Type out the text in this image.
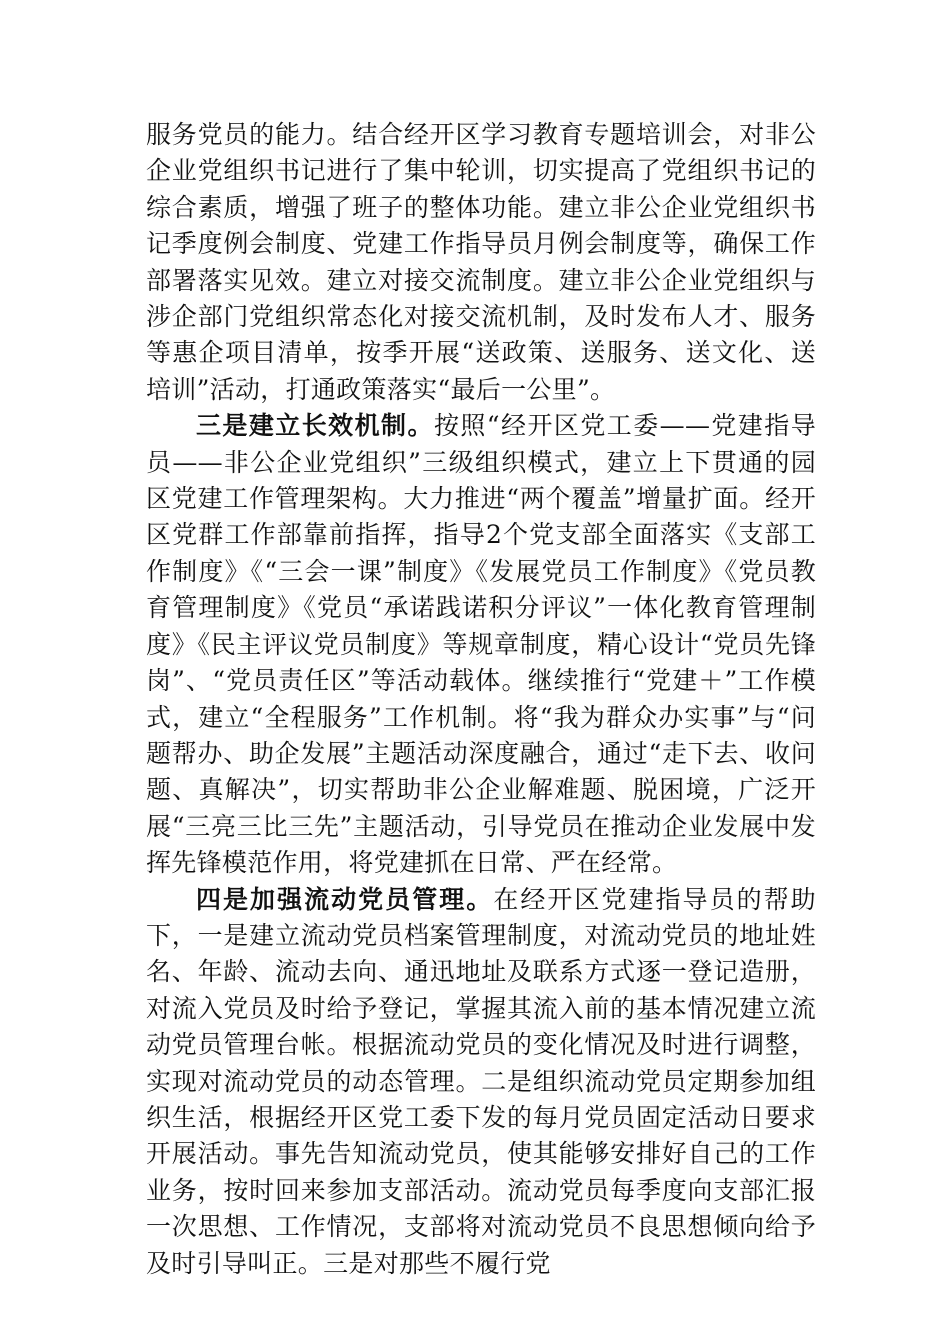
服务党员的能力。结合经开区学习教育专题培训会，对非公企业党组织书记进行了集中轮训，切实提高了党组织书记的综合素质，增强了班子的整体功能。建立非公企业党组织书记季度例会制度、党建工作指导员月例会制度等，确保工作部署落实见效。建立对接交流制度。建立非公企业党组织与涉企部门党组织常态化对接交流机制，及时发布人才、服务等惠企项目清单，按季开展“送政策、送服务、送文化、送培训”活动，打通政策落实“最后一公里”。

三是建立长效机制。按照“经开区党工委——党建指导员——非公企业党组织”三级组织模式，建立上下贯通的园区党建工作管理架构。大力推进“两个覆盖”增量扩面。经开区党群工作部靠前指挥，指导2个党支部全面落实《支部工作制度》《“三会一课”制度》《发展党员工作制度》《党员教育管理制度》《党员“承诺践诺积分评议”一体化教育管理制度》《民主评议党员制度》等规章制度，精心设计“党员先锋岗”、“党员责任区”等活动载体。继续推行“党建＋”工作模式，建立“全程服务”工作机制。将“我为群众办实事”与“问题帮办、助企发展”主题活动深度融合，通过“走下去、收问题、真解决”，切实帮助非公企业解难题、脱困境，广泛开展“三亮三比三先”主题活动，引导党员在推动企业发展中发挥先锋模范作用，将党建抓在日常、严在经常。

四是加强流动党员管理。在经开区党建指导员的帮助下，一是建立流动党员档案管理制度，对流动党员的地址姓名、年龄、流动去向、通迅地址及联系方式逐一登记造册，对流入党员及时给予登记，掌握其流入前的基本情况建立流动党员管理台帐。根据流动党员的变化情况及时进行调整，实现对流动党员的动态管理。二是组织流动党员定期参加组织生活，根据经开区党工委下发的每月党员固定活动日要求开展活动。事先告知流动党员，使其能够安排好自己的工作业务，按时回来参加支部活动。流动党员每季度向支部汇报一次思想、工作情况，支部将对流动党员不良思想倾向给予及时引导叫正。三是对那些不履行党
